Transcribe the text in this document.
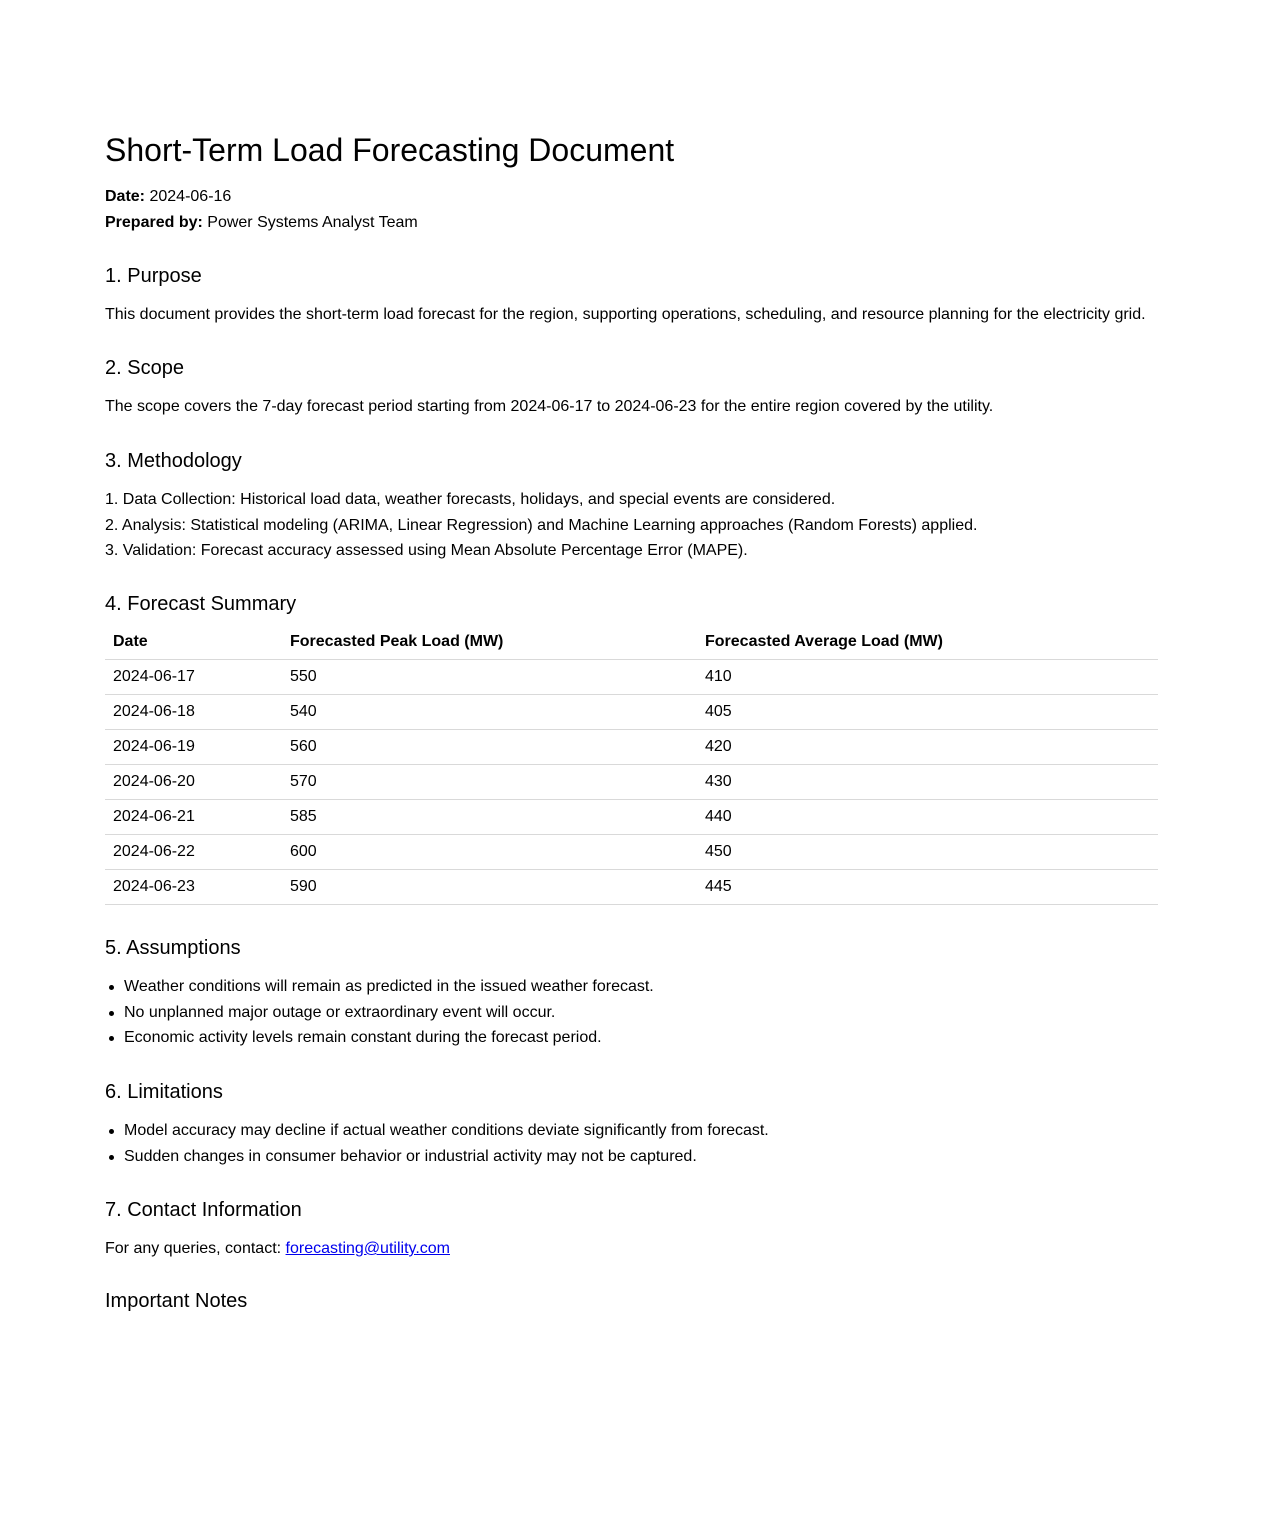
Short-Term Load Forecasting Document

Date: 2024-06-16

Prepared by: Power Systems Analyst Team

1. Purpose

This document provides the short-term load forecast for the region, supporting operations, scheduling, and resource planning for the electricity grid.

2. Scope

The scope covers the 7-day forecast period starting from 2024-06-17 to 2024-06-23 for the entire region covered by the utility.

3. Methodology
1. Data Collection: Historical load data, weather forecasts, holidays, and special events are considered.
2. Analysis: Statistical modeling (ARIMA, Linear Regression) and Machine Learning approaches (Random Forests) applied.
3. Validation: Forecast accuracy assessed using Mean Absolute Percentage Error (MAPE).
4. Forecast Summary
Date	Forecasted Peak Load (MW)	Forecasted Average Load (MW)
2024-06-17	550	410
2024-06-18	540	405
2024-06-19	560	420
2024-06-20	570	430
2024-06-21	585	440
2024-06-22	600	450
2024-06-23	590	445
5. Assumptions
Weather conditions will remain as predicted in the issued weather forecast.
No unplanned major outage or extraordinary event will occur.
Economic activity levels remain constant during the forecast period.
6. Limitations
Model accuracy may decline if actual weather conditions deviate significantly from forecast.
Sudden changes in consumer behavior or industrial activity may not be captured.
7. Contact Information

For any queries, contact: forecasting@utility.com

Important Notes
